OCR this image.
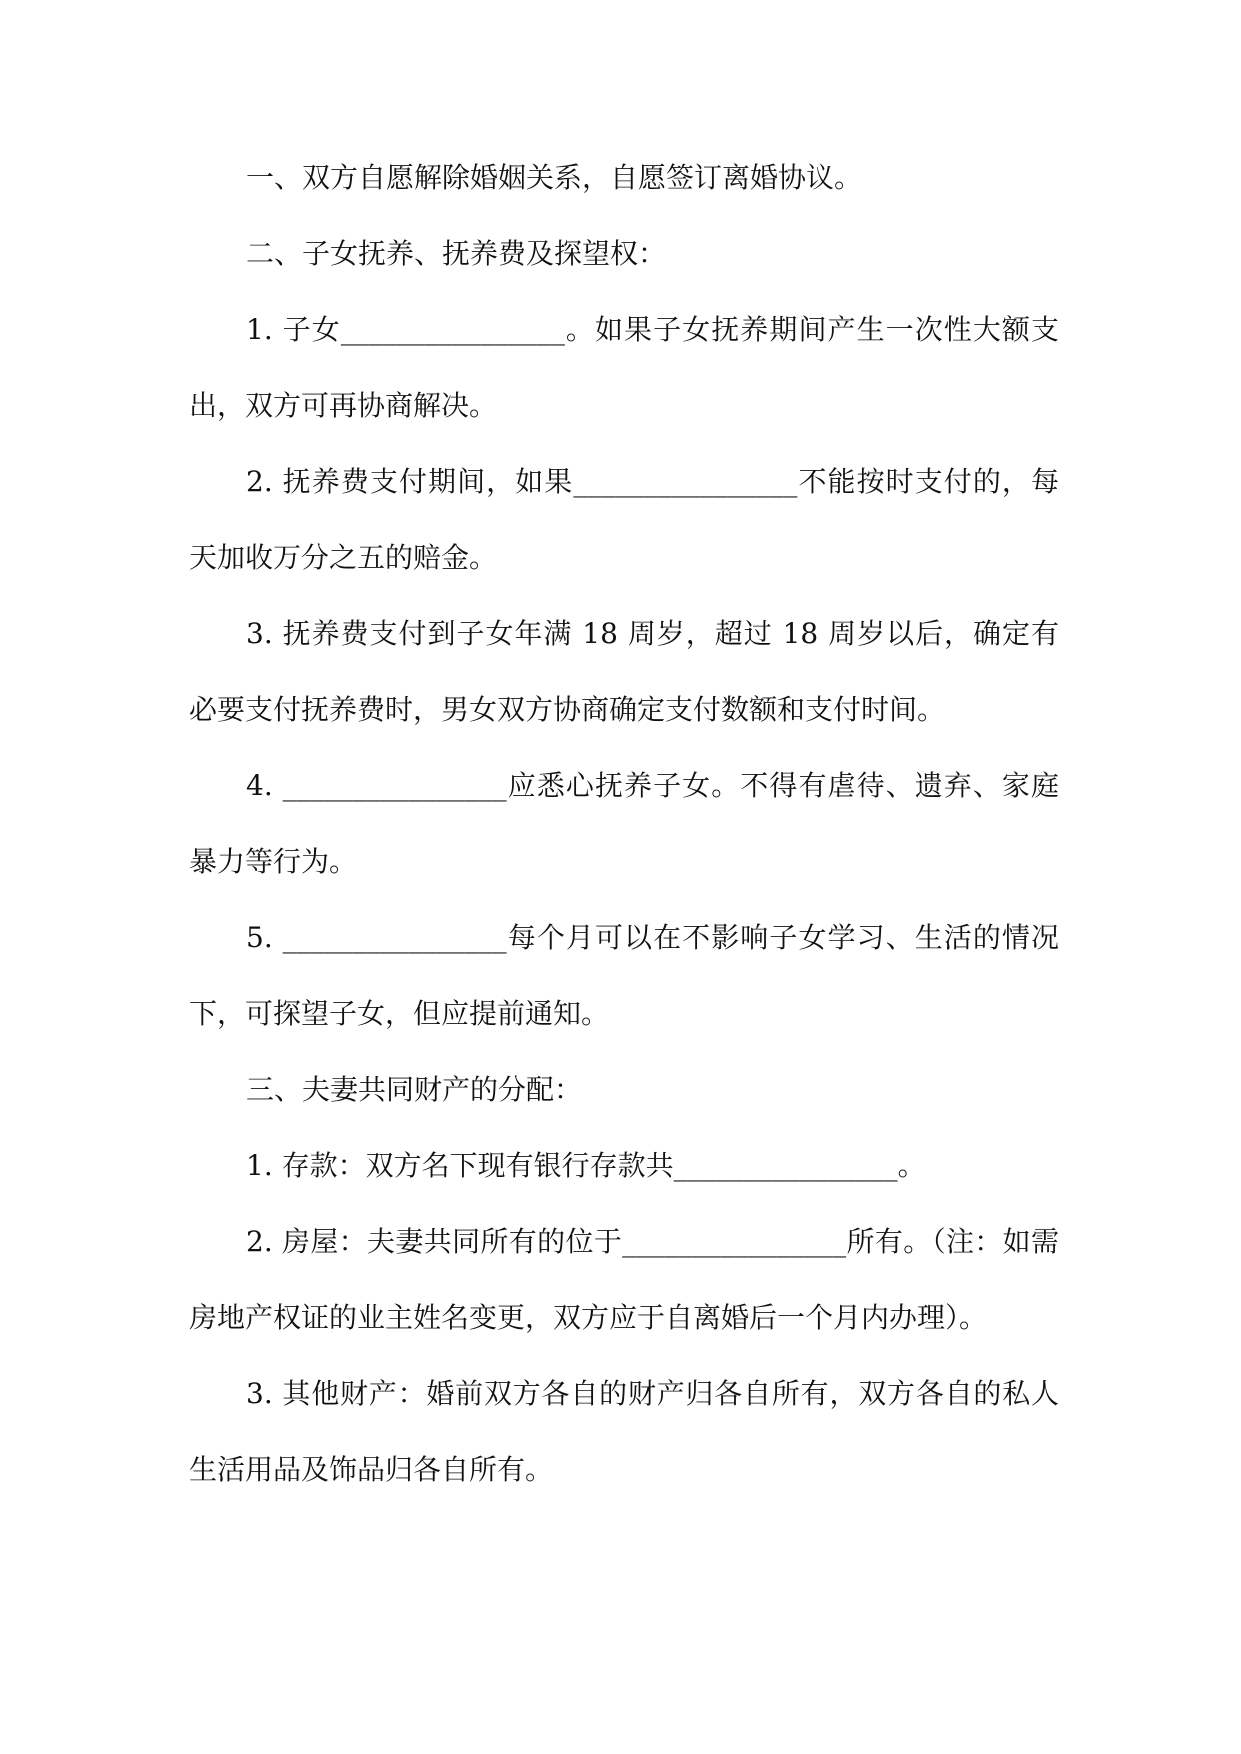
一、双方自愿解除婚姻关系，自愿签订离婚协议。

二、子女抚养、抚养费及探望权：

1. 子女________________。如果子女抚养期间产生一次性大额支出，双方可再协商解决。

2. 抚养费支付期间，如果________________不能按时支付的，每天加收万分之五的赔金。

3. 抚养费支付到子女年满 18 周岁，超过 18 周岁以后，确定有必要支付抚养费时，男女双方协商确定支付数额和支付时间。

4. ________________应悉心抚养子女。不得有虐待、遗弃、家庭暴力等行为。

5. ________________每个月可以在不影响子女学习、生活的情况下，可探望子女，但应提前通知。

三、夫妻共同财产的分配：

1. 存款：双方名下现有银行存款共________________。

2. 房屋：夫妻共同所有的位于________________所有。（注：如需房地产权证的业主姓名变更，双方应于自离婚后一个月内办理）。

3. 其他财产：婚前双方各自的财产归各自所有，双方各自的私人生活用品及饰品归各自所有。
